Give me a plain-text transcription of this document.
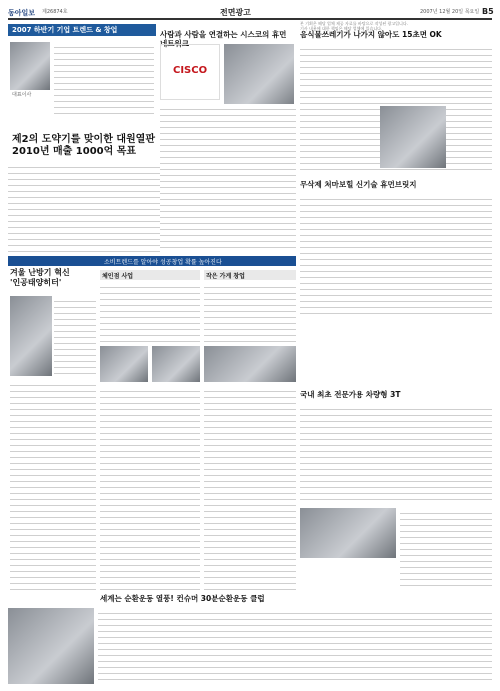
동아일보 제26874호	전면광고	2007년 12월 20일 목요일 B5
본 기획은 해당 업체 제공 자료를 바탕으로 작성된 광고입니다.
기사 내용에 대한 책임은 해당 업체에 있습니다.
2007 하반기 기업 트렌드 & 창업
대표이사
제2의 도약기를 맞이한 대원열판
2010년 매출 1000억 목표
사람과 사람을 연결하는 시스코의 휴먼 네트워크
CISCO
음식물쓰레기가 나가지 않아도 15초면 OK
무삭제 처마보힐 신기술 휴먼브릿지
소비트렌드를 알아야 성공창업 확률 높아진다
겨울 난방기 혁신
'인공태양히터'
체인점 사업	작은 가게 창업
국내 최초 전문가용 차량형 3T
세계는 순환운동 열풍! 컨슈머 30분순환운동 클럽
